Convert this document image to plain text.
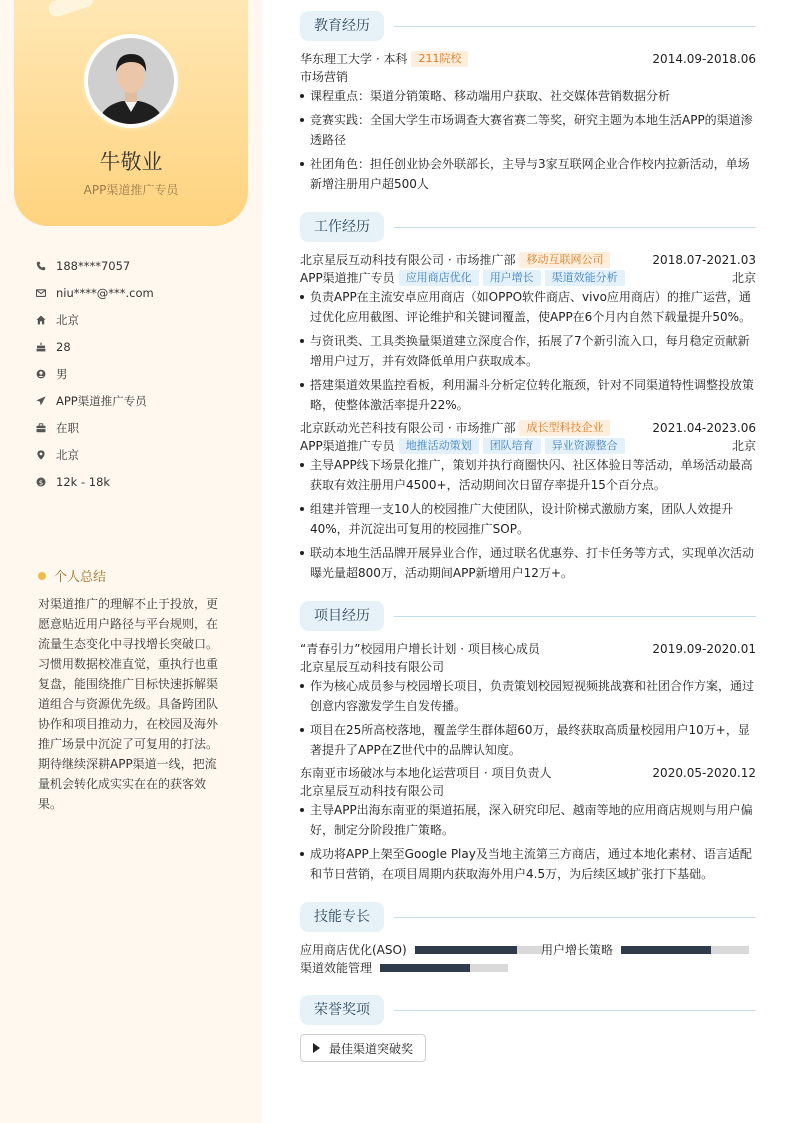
牛敬业
APP渠道推广专员
188****7057
niu****@***.com
北京
28
男
APP渠道推广专员
在职
北京
$ 12k - 18k
个人总结
对渠道推广的理解不止于投放，更愿意贴近用户路径与平台规则，在流量生态变化中寻找增长突破口。习惯用数据校准直觉，重执行也重复盘，能围绕推广目标快速拆解渠道组合与资源优先级。具备跨团队协作和项目推动力，在校园及海外推广场景中沉淀了可复用的打法。期待继续深耕APP渠道一线，把流量机会转化成实实在在的获客效果。
教育经历
华东理工大学 · 本科 211院校	2014.09-2018.06
市场营销
课程重点：渠道分销策略、移动端用户获取、社交媒体营销数据分析
竞赛实践：全国大学生市场调查大赛省赛二等奖，研究主题为本地生活APP的渠道渗透路径
社团角色：担任创业协会外联部长，主导与3家互联网企业合作校内拉新活动，单场新增注册用户超500人
工作经历
北京星辰互动科技有限公司 · 市场推广部 移动互联网公司	2018.07-2021.03
APP渠道推广专员 应用商店优化 用户增长 渠道效能分析	北京
负责APP在主流安卓应用商店（如OPPO软件商店、vivo应用商店）的推广运营，通过优化应用截图、评论维护和关键词覆盖，使APP在6个月内自然下载量提升50%。
与资讯类、工具类换量渠道建立深度合作，拓展了7个新引流入口，每月稳定贡献新增用户过万，并有效降低单用户获取成本。
搭建渠道效果监控看板，利用漏斗分析定位转化瓶颈，针对不同渠道特性调整投放策略，使整体激活率提升22%。
北京跃动光芒科技有限公司 · 市场推广部 成长型科技企业	2021.04-2023.06
APP渠道推广专员 地推活动策划 团队培育 异业资源整合	北京
主导APP线下场景化推广，策划并执行商圈快闪、社区体验日等活动，单场活动最高获取有效注册用户4500+，活动期间次日留存率提升15个百分点。
组建并管理一支10人的校园推广大使团队，设计阶梯式激励方案，团队人效提升40%，并沉淀出可复用的校园推广SOP。
联动本地生活品牌开展异业合作，通过联名优惠券、打卡任务等方式，实现单次活动曝光量超800万，活动期间APP新增用户12万+。
项目经历
“青春引力”校园用户增长计划 · 项目核心成员	2019.09-2020.01
北京星辰互动科技有限公司
作为核心成员参与校园增长项目，负责策划校园短视频挑战赛和社团合作方案，通过创意内容激发学生自发传播。
项目在25所高校落地，覆盖学生群体超60万，最终获取高质量校园用户10万+，显著提升了APP在Z世代中的品牌认知度。
东南亚市场破冰与本地化运营项目 · 项目负责人	2020.05-2020.12
北京星辰互动科技有限公司
主导APP出海东南亚的渠道拓展，深入研究印尼、越南等地的应用商店规则与用户偏好，制定分阶段推广策略。
成功将APP上架至Google Play及当地主流第三方商店，通过本地化素材、语言适配和节日营销，在项目周期内获取海外用户4.5万，为后续区域扩张打下基础。
技能专长
应用商店优化(ASO)	用户增长策略
渠道效能管理
荣誉奖项
最佳渠道突破奖
